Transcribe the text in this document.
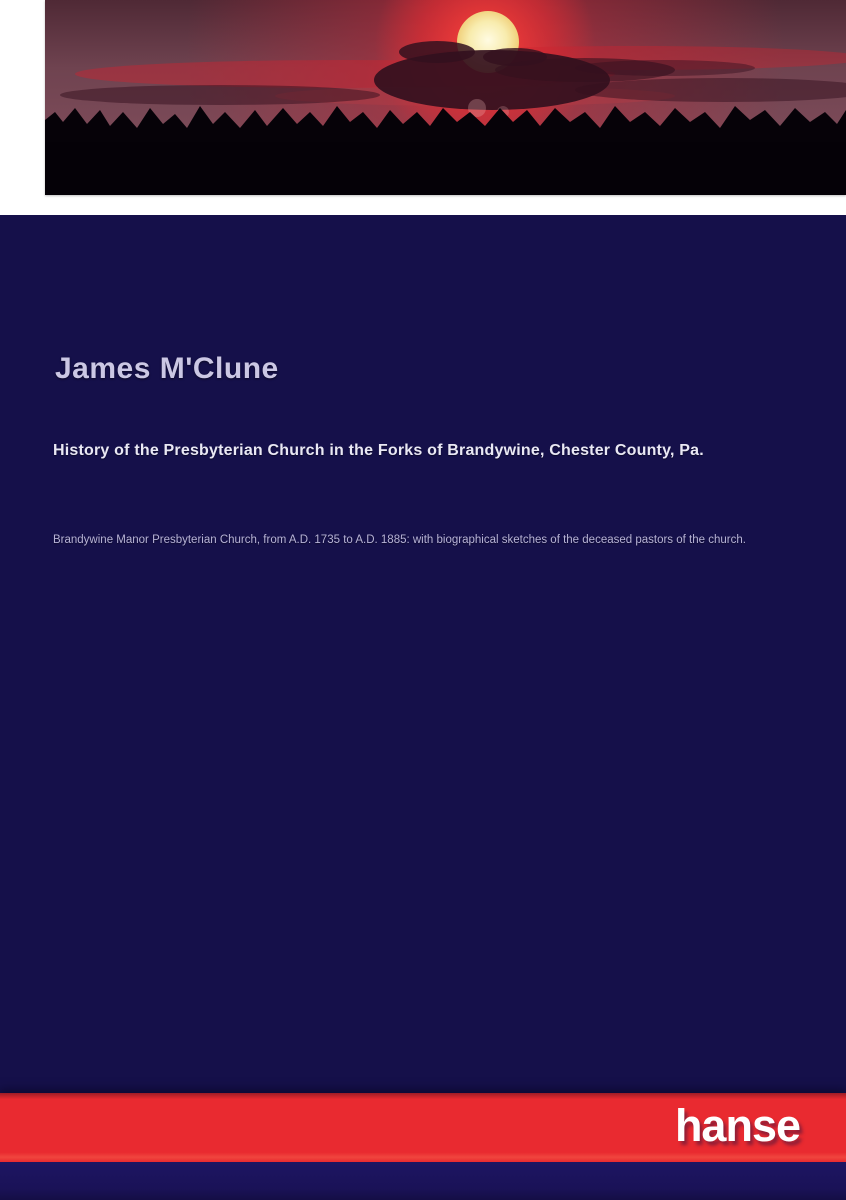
James M'Clune
History of the Presbyterian Church in the Forks of Brandywine, Chester County, Pa.
Brandywine Manor Presbyterian Church, from A.D. 1735 to A.D. 1885: with biographical sketches of the deceased pastors of the church.
hanse
